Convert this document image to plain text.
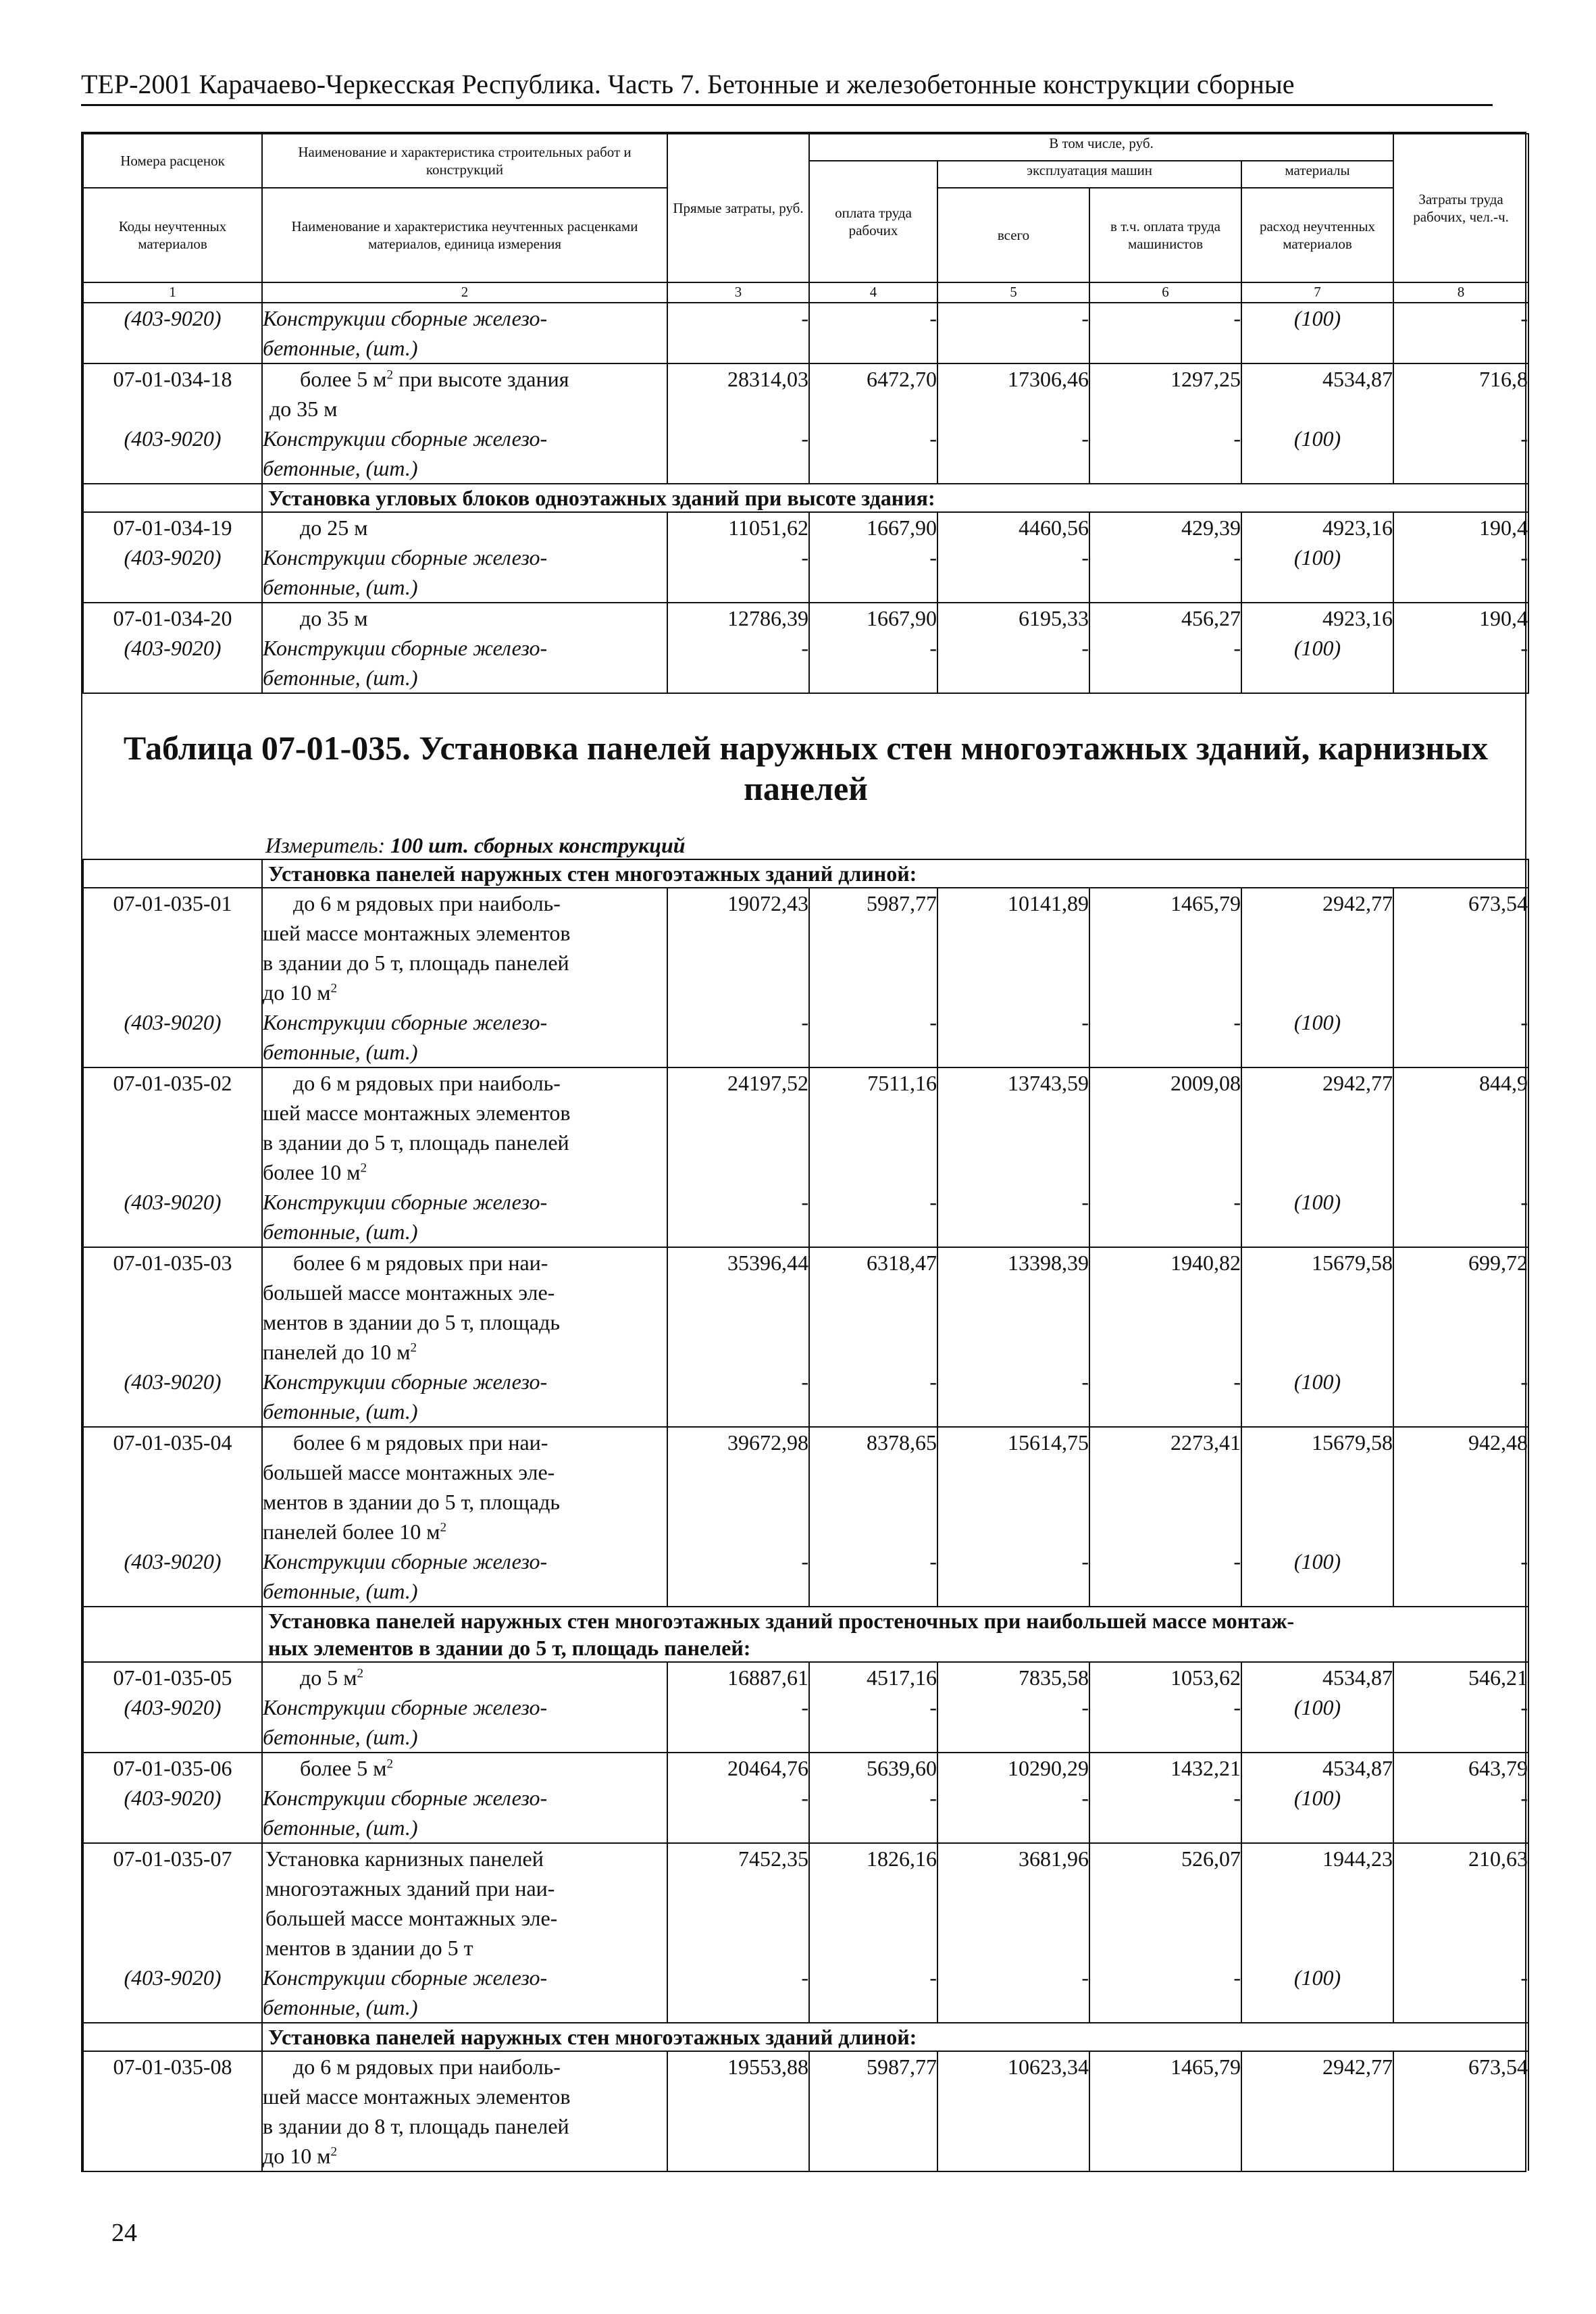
ТЕР-2001 Карачаево-Черкесская Республика. Часть 7. Бетонные и железобетонные конструкции сборные
Номера расценок	Наименование и характеристика строительных работ и конструкций	Прямые затраты, руб.	В том числе, руб.				Затраты труда рабочих, чел.-ч.
			оплата труда рабочих	эксплуатация машин		материалы	
Коды неучтенных материалов	Наименование и характеристика неучтенных расценками материалов, единица измерения			всего	в т.ч. оплата труда машинистов	расход неучтенных материалов	

1	2	3	4	5	6	7	8
(403-9020)	Конструкции сборные железо-
бетонные, (шт.)	-	-	-	-	(100)	-
07-01-034-18	более 5 $м^2$ при высоте здания
до 35 м	28314,03	6472,70	17306,46	1297,25	4534,87	716,8
(403-9020)	Конструкции сборные железо-
бетонные, (шт.)	-	-	-	-	(100)	-
	Установка угловых блоков одноэтажных зданий при высоте здания:						
07-01-034-19	до 25 м	11051,62	1667,90	4460,56	429,39	4923,16	190,4
(403-9020)	Конструкции сборные железо-
бетонные, (шт.)	-	-	-	-	(100)	-
07-01-034-20	до 35 м	12786,39	1667,90	6195,33	456,27	4923,16	190,4
(403-9020)	Конструкции сборные железо-
бетонные, (шт.)	-	-	-	-	(100)	-
Таблица 07-01-035. Установка панелей наружных стен многоэтажных зданий, карнизных
панелей							
Измеритель: 100 шт. сборных конструкций							
	Установка панелей наружных стен многоэтажных зданий длиной:						
07-01-035-01	до 6 м рядовых при наиболь-
шей массе монтажных элементов
в здании до 5 т, площадь панелей
до 10 $м^2$	19072,43	5987,77	10141,89	1465,79	2942,77	673,54
(403-9020)	Конструкции сборные железо-
бетонные, (шт.)	-	-	-	-	(100)	-
07-01-035-02	до 6 м рядовых при наиболь-
шей массе монтажных элементов
в здании до 5 т, площадь панелей
более 10 $м^2$	24197,52	7511,16	13743,59	2009,08	2942,77	844,9
(403-9020)	Конструкции сборные железо-
бетонные, (шт.)	-	-	-	-	(100)	-
07-01-035-03	более 6 м рядовых при наи-
большей массе монтажных эле-
ментов в здании до 5 т, площадь
панелей до 10 $м^2$	35396,44	6318,47	13398,39	1940,82	15679,58	699,72
(403-9020)	Конструкции сборные железо-
бетонные, (шт.)	-	-	-	-	(100)	-
07-01-035-04	более 6 м рядовых при наи-
большей массе монтажных эле-
ментов в здании до 5 т, площадь
панелей более 10 $м^2$	39672,98	8378,65	15614,75	2273,41	15679,58	942,48
(403-9020)	Конструкции сборные железо-
бетонные, (шт.)	-	-	-	-	(100)	-
	Установка панелей наружных стен многоэтажных зданий простеночных при наибольшей массе монтаж-
ных элементов в здании до 5 т, площадь панелей:						
07-01-035-05	до 5 $м^2$	16887,61	4517,16	7835,58	1053,62	4534,87	546,21
(403-9020)	Конструкции сборные железо-
бетонные, (шт.)	-	-	-	-	(100)	-
07-01-035-06	более 5 $м^2$	20464,76	5639,60	10290,29	1432,21	4534,87	643,79
(403-9020)	Конструкции сборные железо-
бетонные, (шт.)	-	-	-	-	(100)	-
07-01-035-07	Установка карнизных панелей
многоэтажных зданий при наи-
большей массе монтажных эле-
ментов в здании до 5 т	7452,35	1826,16	3681,96	526,07	1944,23	210,63
(403-9020)	Конструкции сборные железо-
бетонные, (шт.)	-	-	-	-	(100)	-
	Установка панелей наружных стен многоэтажных зданий длиной:						
07-01-035-08	до 6 м рядовых при наиболь-
шей массе монтажных элементов
в здании до 8 т, площадь панелей
до 10 $м^2$	19553,88	5987,77	10623,34	1465,79	2942,77	673,54
24
